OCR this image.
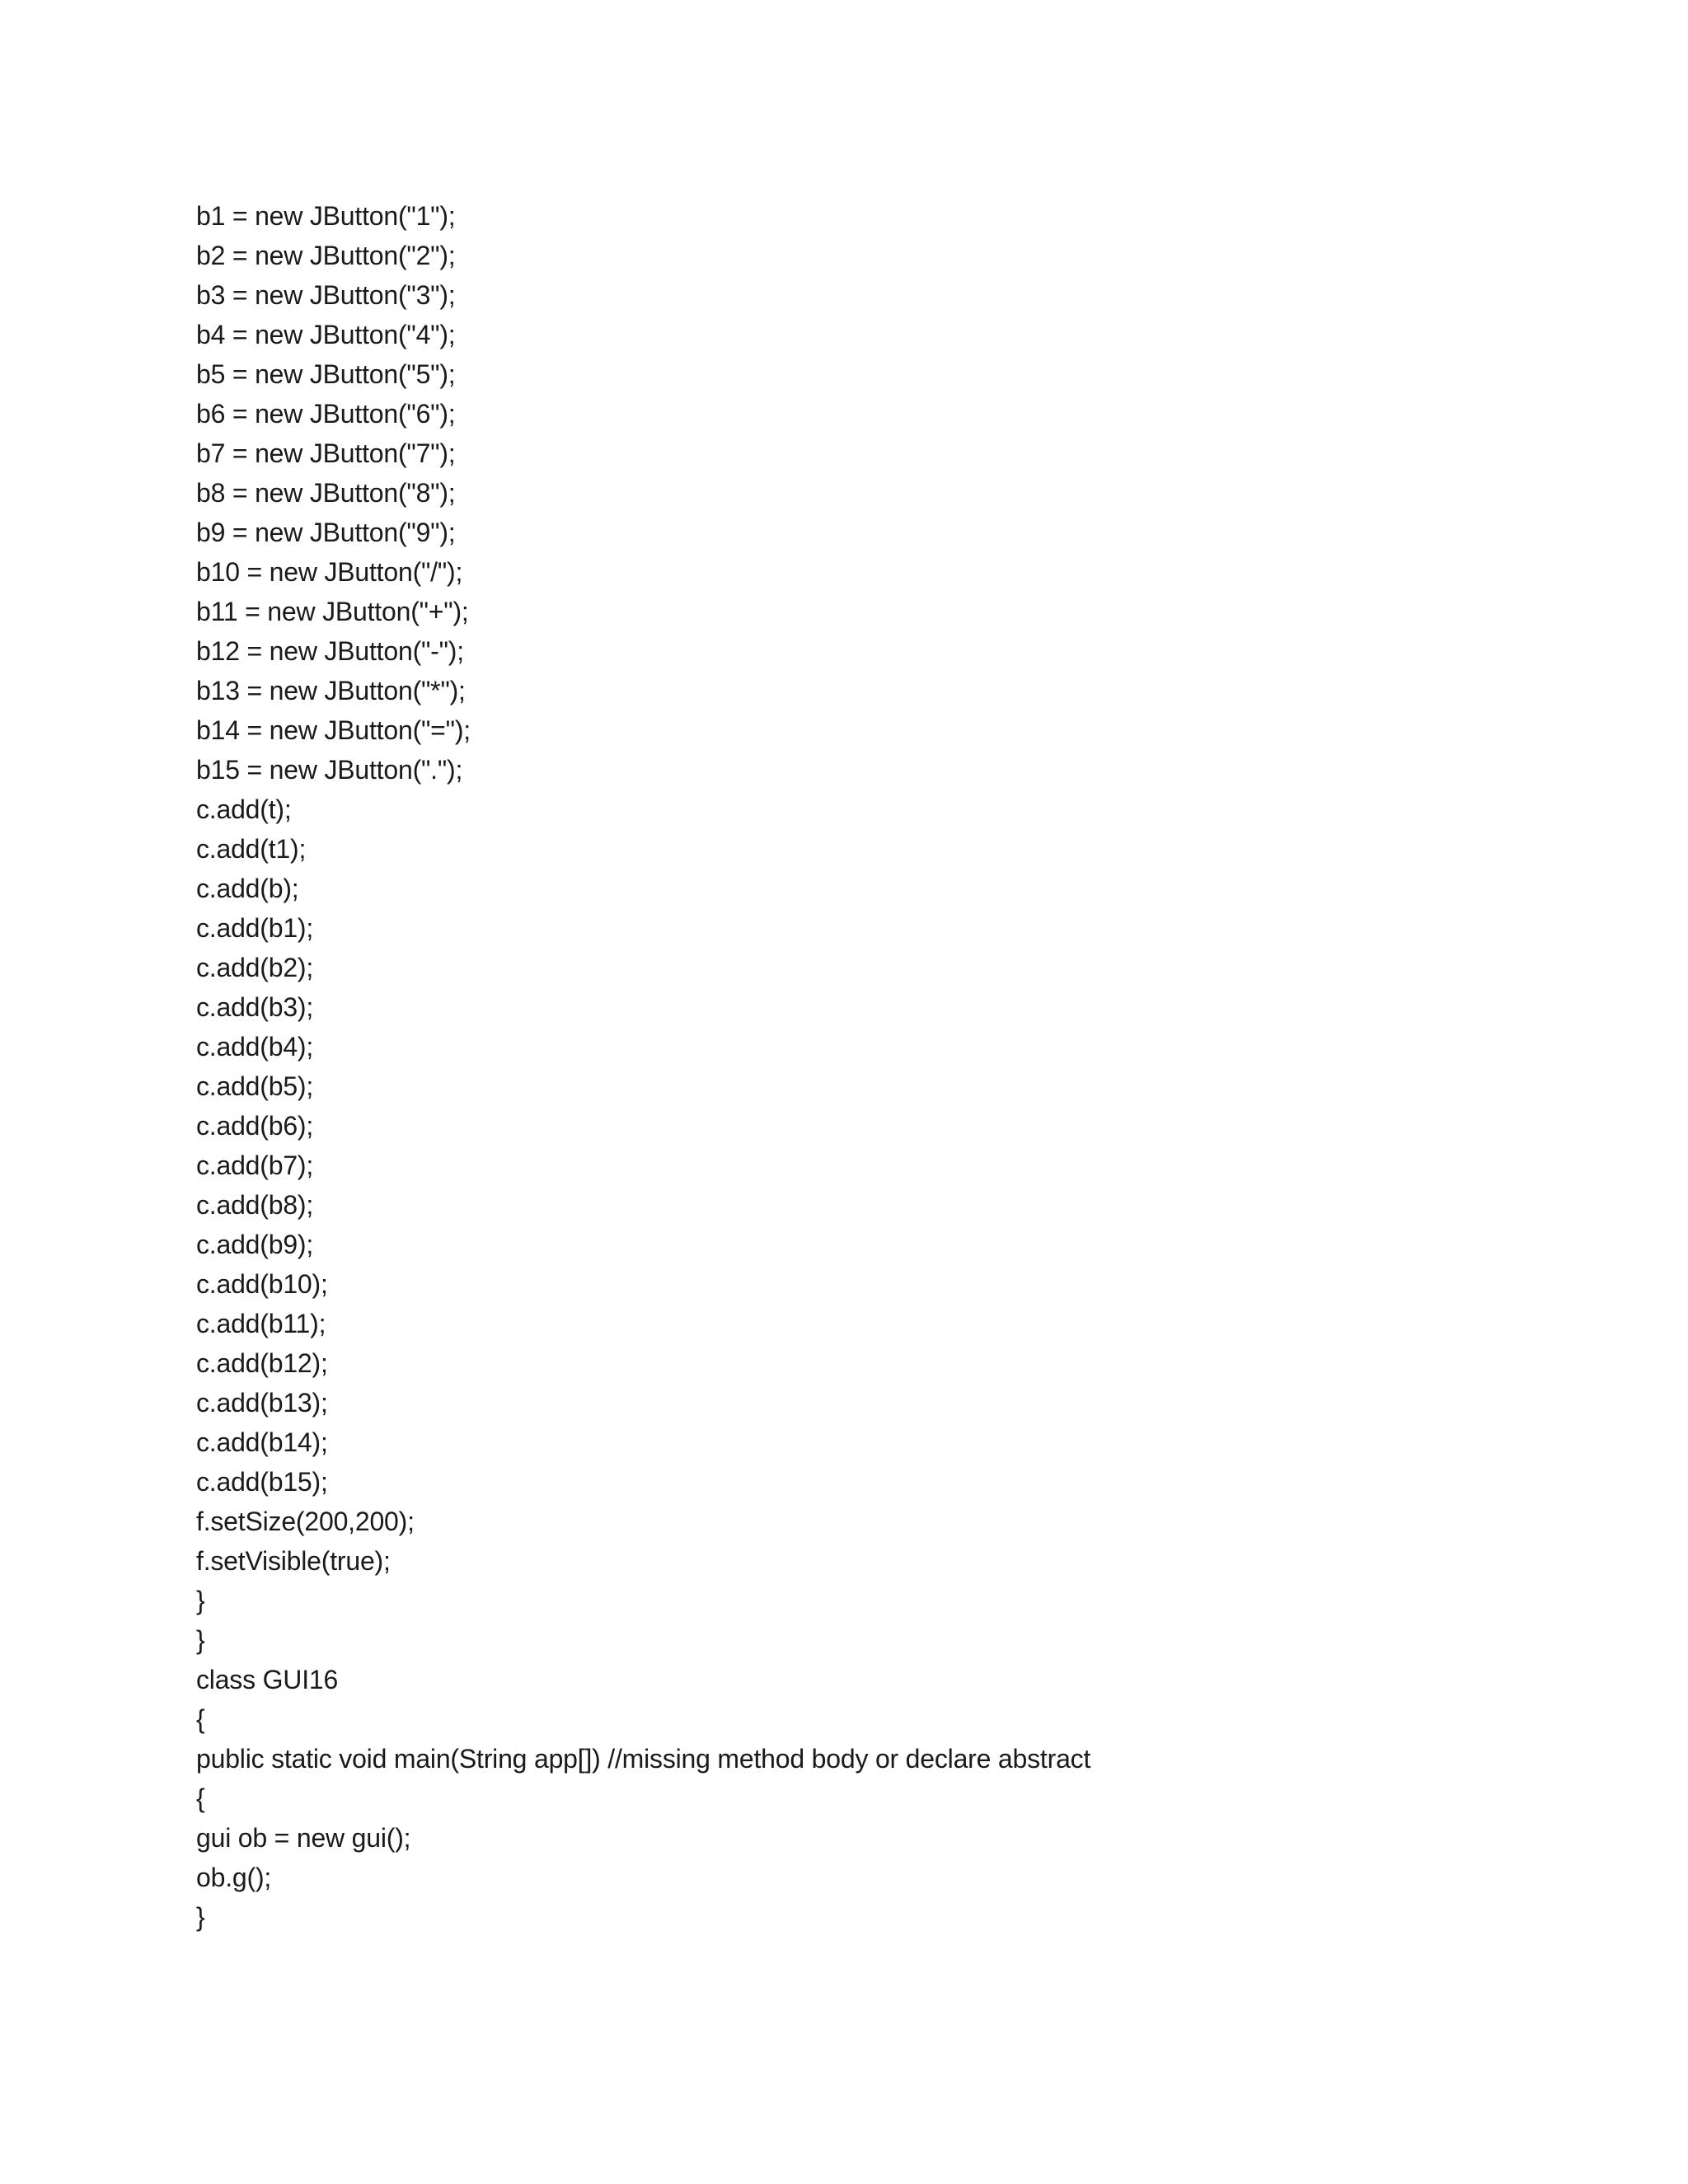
b1 = new JButton("1");
b2 = new JButton("2");
b3 = new JButton("3");
b4 = new JButton("4");
b5 = new JButton("5");
b6 = new JButton("6");
b7 = new JButton("7");
b8 = new JButton("8");
b9 = new JButton("9");
b10 = new JButton("/");
b11 = new JButton("+");
b12 = new JButton("-");
b13 = new JButton("*");
b14 = new JButton("=");
b15 = new JButton(".");
c.add(t);
c.add(t1);
c.add(b);
c.add(b1);
c.add(b2);
c.add(b3);
c.add(b4);
c.add(b5);
c.add(b6);
c.add(b7);
c.add(b8);
c.add(b9);
c.add(b10);
c.add(b11);
c.add(b12);
c.add(b13);
c.add(b14);
c.add(b15);
f.setSize(200,200);
f.setVisible(true);
}
}
class GUI16
{
public static void main(String app[]) //missing method body or declare abstract
{
gui ob = new gui();
ob.g();
}
